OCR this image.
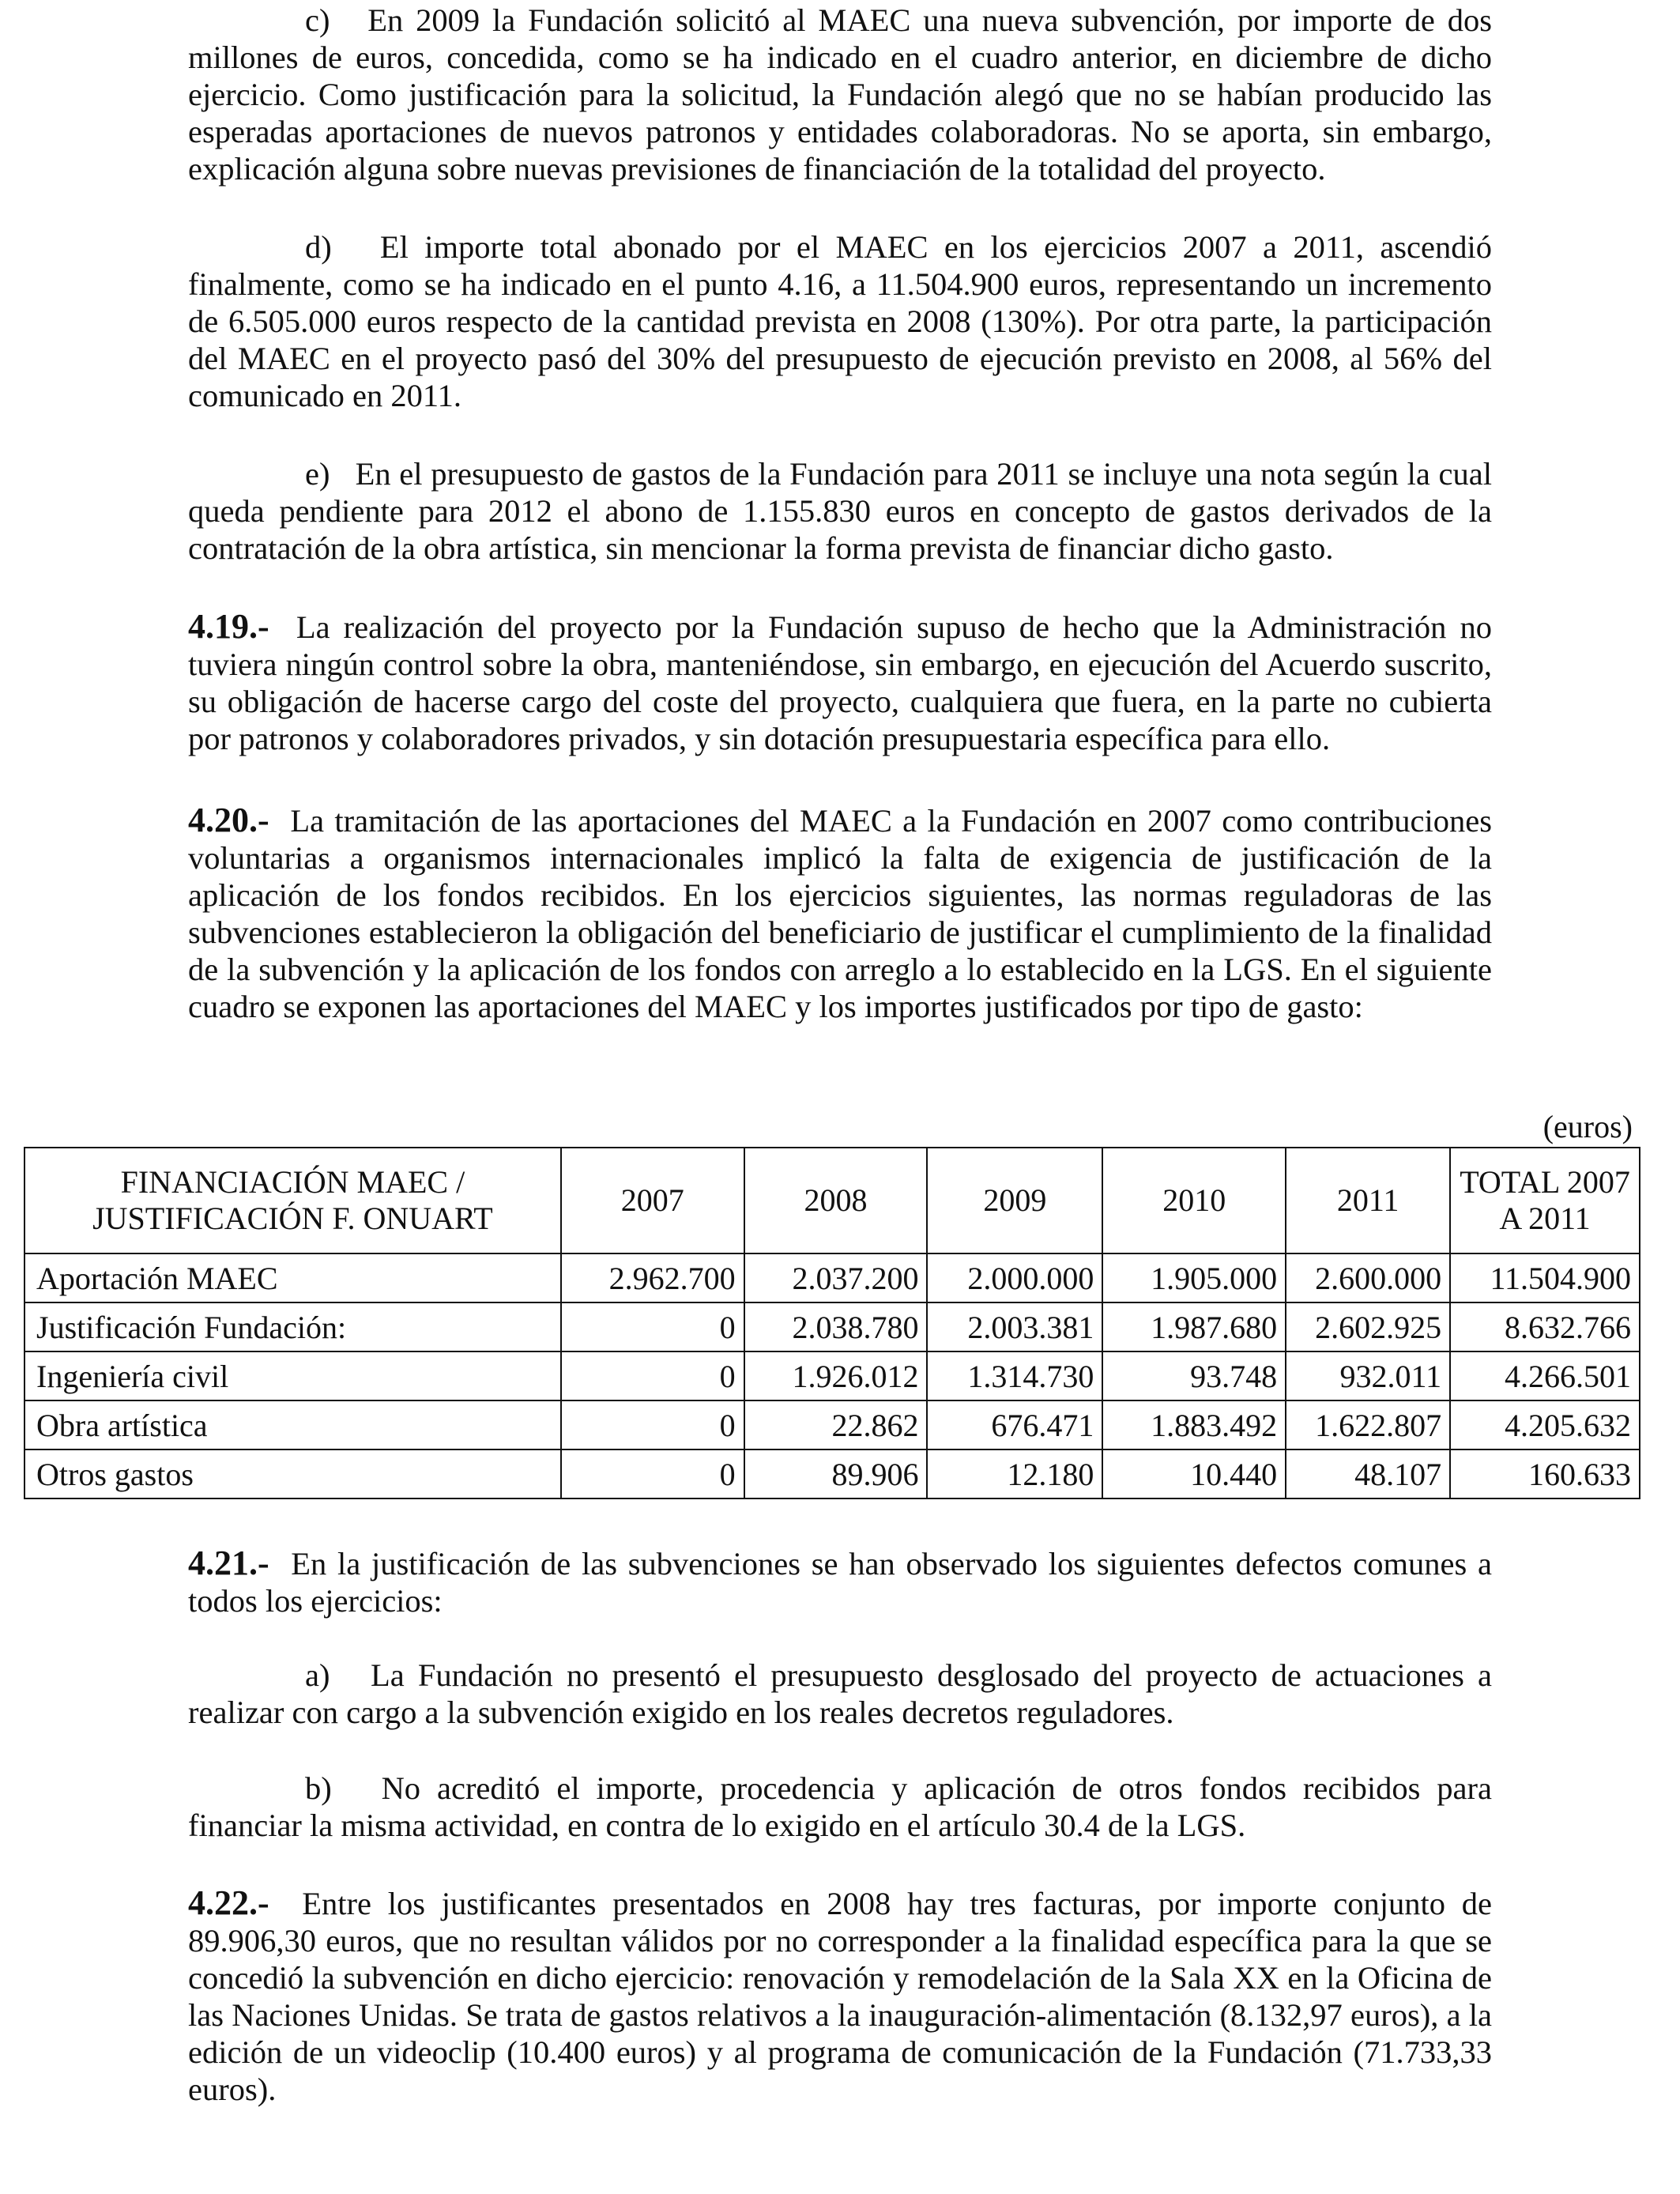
c) En 2009 la Fundación solicitó al MAEC una nueva subvención, por importe de dos millones de euros, concedida, como se ha indicado en el cuadro anterior, en diciembre de dicho ejercicio. Como justificación para la solicitud, la Fundación alegó que no se habían producido las esperadas aportaciones de nuevos patronos y entidades colaboradoras. No se aporta, sin embargo, explicación alguna sobre nuevas previsiones de financiación de la totalidad del proyecto.

d) El importe total abonado por el MAEC en los ejercicios 2007 a 2011, ascendió finalmente, como se ha indicado en el punto 4.16, a 11.504.900 euros, representando un incremento de 6.505.000 euros respecto de la cantidad prevista en 2008 (130%). Por otra parte, la participación del MAEC en el proyecto pasó del 30% del presupuesto de ejecución previsto en 2008, al 56% del comunicado en 2011.

e) En el presupuesto de gastos de la Fundación para 2011 se incluye una nota según la cual queda pendiente para 2012 el abono de 1.155.830 euros en concepto de gastos derivados de la contratación de la obra artística, sin mencionar la forma prevista de financiar dicho gasto.

4.19.- La realización del proyecto por la Fundación supuso de hecho que la Administración no tuviera ningún control sobre la obra, manteniéndose, sin embargo, en ejecución del Acuerdo suscrito, su obligación de hacerse cargo del coste del proyecto, cualquiera que fuera, en la parte no cubierta por patronos y colaboradores privados, y sin dotación presupuestaria específica para ello.

4.20.- La tramitación de las aportaciones del MAEC a la Fundación en 2007 como contribuciones voluntarias a organismos internacionales implicó la falta de exigencia de justificación de la aplicación de los fondos recibidos. En los ejercicios siguientes, las normas reguladoras de las subvenciones establecieron la obligación del beneficiario de justificar el cumplimiento de la finalidad de la subvención y la aplicación de los fondos con arreglo a lo establecido en la LGS. En el siguiente cuadro se exponen las aportaciones del MAEC y los importes justificados por tipo de gasto:

(euros)

FINANCIACIÓN MAEC /
JUSTIFICACIÓN F. ONUART	2007	2008	2009	2010	2011	TOTAL 2007
A 2011
Aportación MAEC	2.962.700	2.037.200	2.000.000	1.905.000	2.600.000	11.504.900
Justificación Fundación:	0	2.038.780	2.003.381	1.987.680	2.602.925	8.632.766
Ingeniería civil	0	1.926.012	1.314.730	93.748	932.011	4.266.501
Obra artística	0	22.862	676.471	1.883.492	1.622.807	4.205.632
Otros gastos	0	89.906	12.180	10.440	48.107	160.633

4.21.- En la justificación de las subvenciones se han observado los siguientes defectos comunes a todos los ejercicios:

a) La Fundación no presentó el presupuesto desglosado del proyecto de actuaciones a realizar con cargo a la subvención exigido en los reales decretos reguladores.

b) No acreditó el importe, procedencia y aplicación de otros fondos recibidos para financiar la misma actividad, en contra de lo exigido en el artículo 30.4 de la LGS.

4.22.- Entre los justificantes presentados en 2008 hay tres facturas, por importe conjunto de 89.906,30 euros, que no resultan válidos por no corresponder a la finalidad específica para la que se concedió la subvención en dicho ejercicio: renovación y remodelación de la Sala XX en la Oficina de las Naciones Unidas. Se trata de gastos relativos a la inauguración-alimentación (8.132,97 euros), a la edición de un videoclip (10.400 euros) y al programa de comunicación de la Fundación (71.733,33 euros).
